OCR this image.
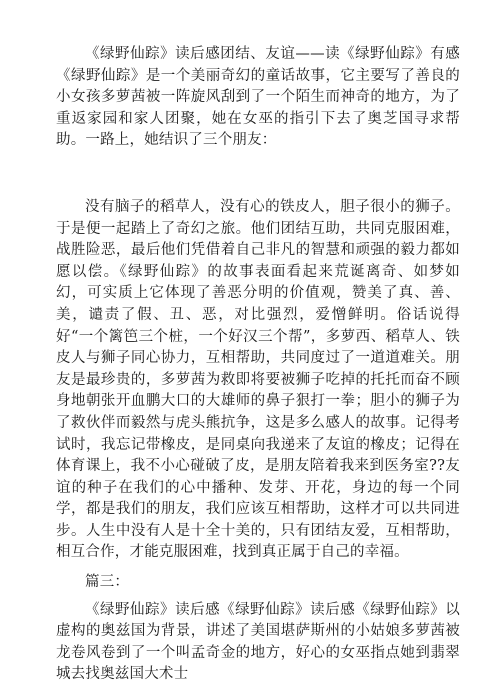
《绿野仙踪》读后感团结、友谊——读《绿野仙踪》有感《绿野仙踪》是一个美丽奇幻的童话故事，它主要写了善良的小女孩多萝茜被一阵旋风刮到了一个陌生而神奇的地方，为了重返家园和家人团聚，她在女巫的指引下去了奥芝国寻求帮助。一路上，她结识了三个朋友：

没有脑子的稻草人，没有心的铁皮人，胆子很小的狮子。于是便一起踏上了奇幻之旅。他们团结互助，共同克服困难，战胜险恶，最后他们凭借着自己非凡的智慧和顽强的毅力都如愿以偿。《绿野仙踪》的故事表面看起来荒诞离奇、如梦如幻，可实质上它体现了善恶分明的价值观，赞美了真、善、美，谴责了假、丑、恶，对比强烈，爱憎鲜明。俗话说得好“一个篱笆三个桩，一个好汉三个帮”，多萝西、稻草人、铁皮人与狮子同心协力，互相帮助，共同度过了一道道难关。朋友是最珍贵的，多萝茜为救即将要被狮子吃掉的托托而奋不顾身地朝张开血鹏大口的大雄师的鼻子狠打一拳；胆小的狮子为了救伙伴而毅然与虎头熊抗争，这是多么感人的故事。记得考试时，我忘记带橡皮，是同桌向我递来了友谊的橡皮；记得在体育课上，我不小心碰破了皮，是朋友陪着我来到医务室??友谊的种子在我们的心中播种、发芽、开花，身边的每一个同学，都是我们的朋友，我们应该互相帮助，这样才可以共同进步。人生中没有人是十全十美的，只有团结友爱，互相帮助，相互合作，才能克服困难，找到真正属于自己的幸福。

篇三：

《绿野仙踪》读后感《绿野仙踪》读后感《绿野仙踪》以虚构的奥兹国为背景，讲述了美国堪萨斯州的小姑娘多萝茜被龙卷风卷到了一个叫孟奇金的地方，好心的女巫指点她到翡翠城去找奥兹国大术士
